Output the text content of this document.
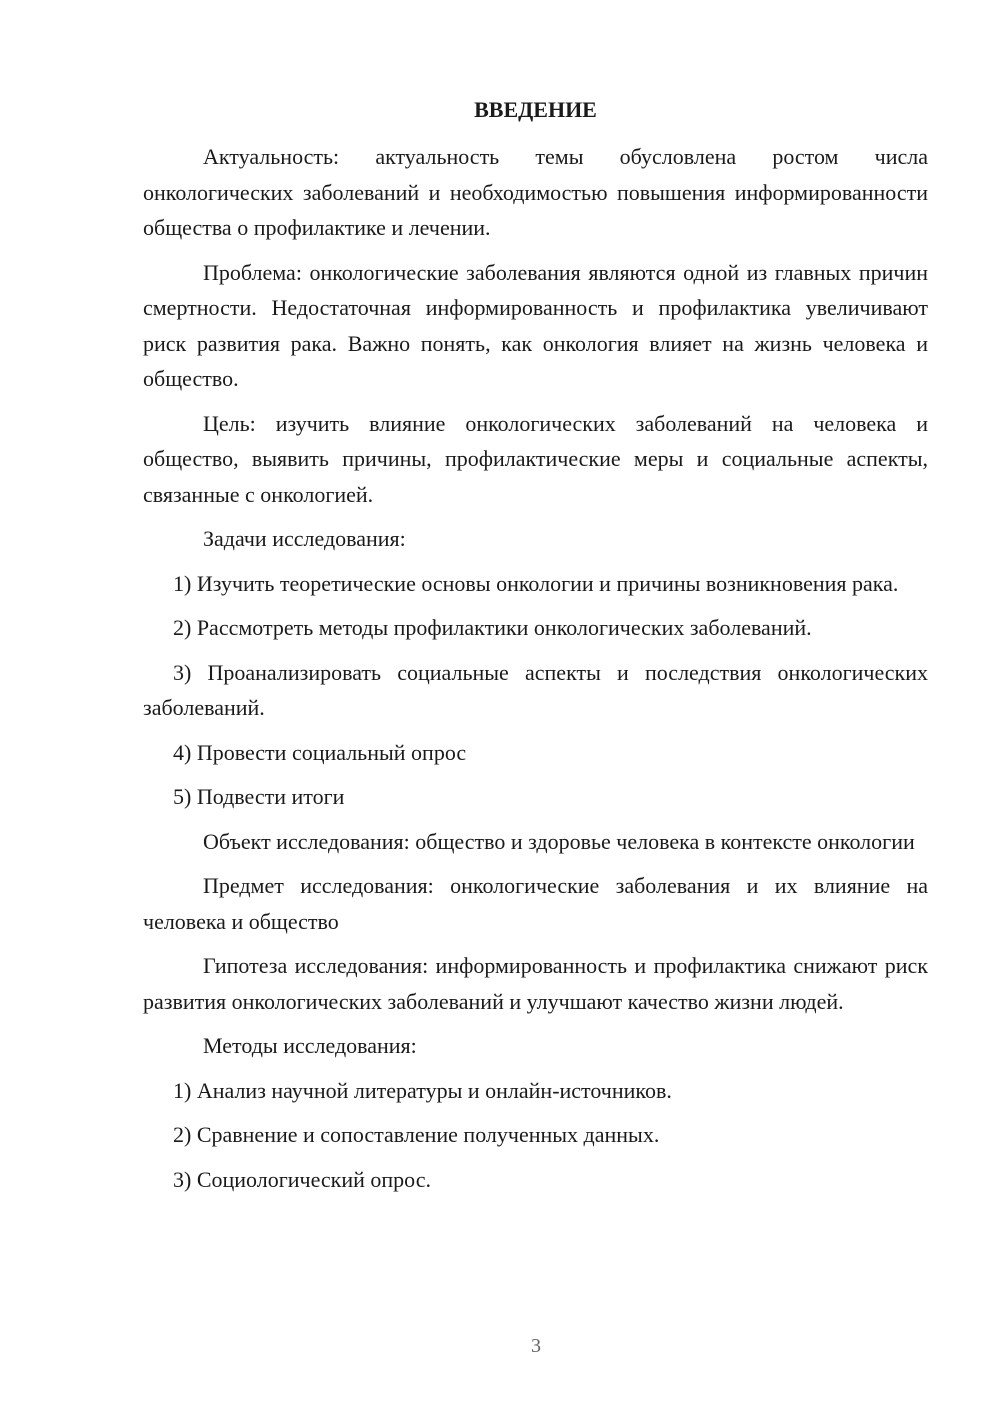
ВВЕДЕНИЕ

Актуальность: актуальность темы обусловлена ростом числа онкологических заболеваний и необходимостью повышения информированности общества о профилактике и лечении.

Проблема: онкологические заболевания являются одной из главных причин смертности. Недостаточная информированность и профилактика увеличивают риск развития рака. Важно понять, как онкология влияет на жизнь человека и общество.

Цель: изучить влияние онкологических заболеваний на человека и общество, выявить причины, профилактические меры и социальные аспекты, связанные с онкологией.

Задачи исследования:

1) Изучить теоретические основы онкологии и причины возникновения рака.

2) Рассмотреть методы профилактики онкологических заболеваний.

3) Проанализировать социальные аспекты и последствия онкологических заболеваний.

4) Провести социальный опрос

5) Подвести итоги

Объект исследования: общество и здоровье человека в контексте онкологии

Предмет исследования: онкологические заболевания и их влияние на человека и общество

Гипотеза исследования: информированность и профилактика снижают риск развития онкологических заболеваний и улучшают качество жизни людей.

Методы исследования:

1) Анализ научной литературы и онлайн-источников.

2) Сравнение и сопоставление полученных данных.

3) Социологический опрос.

3
